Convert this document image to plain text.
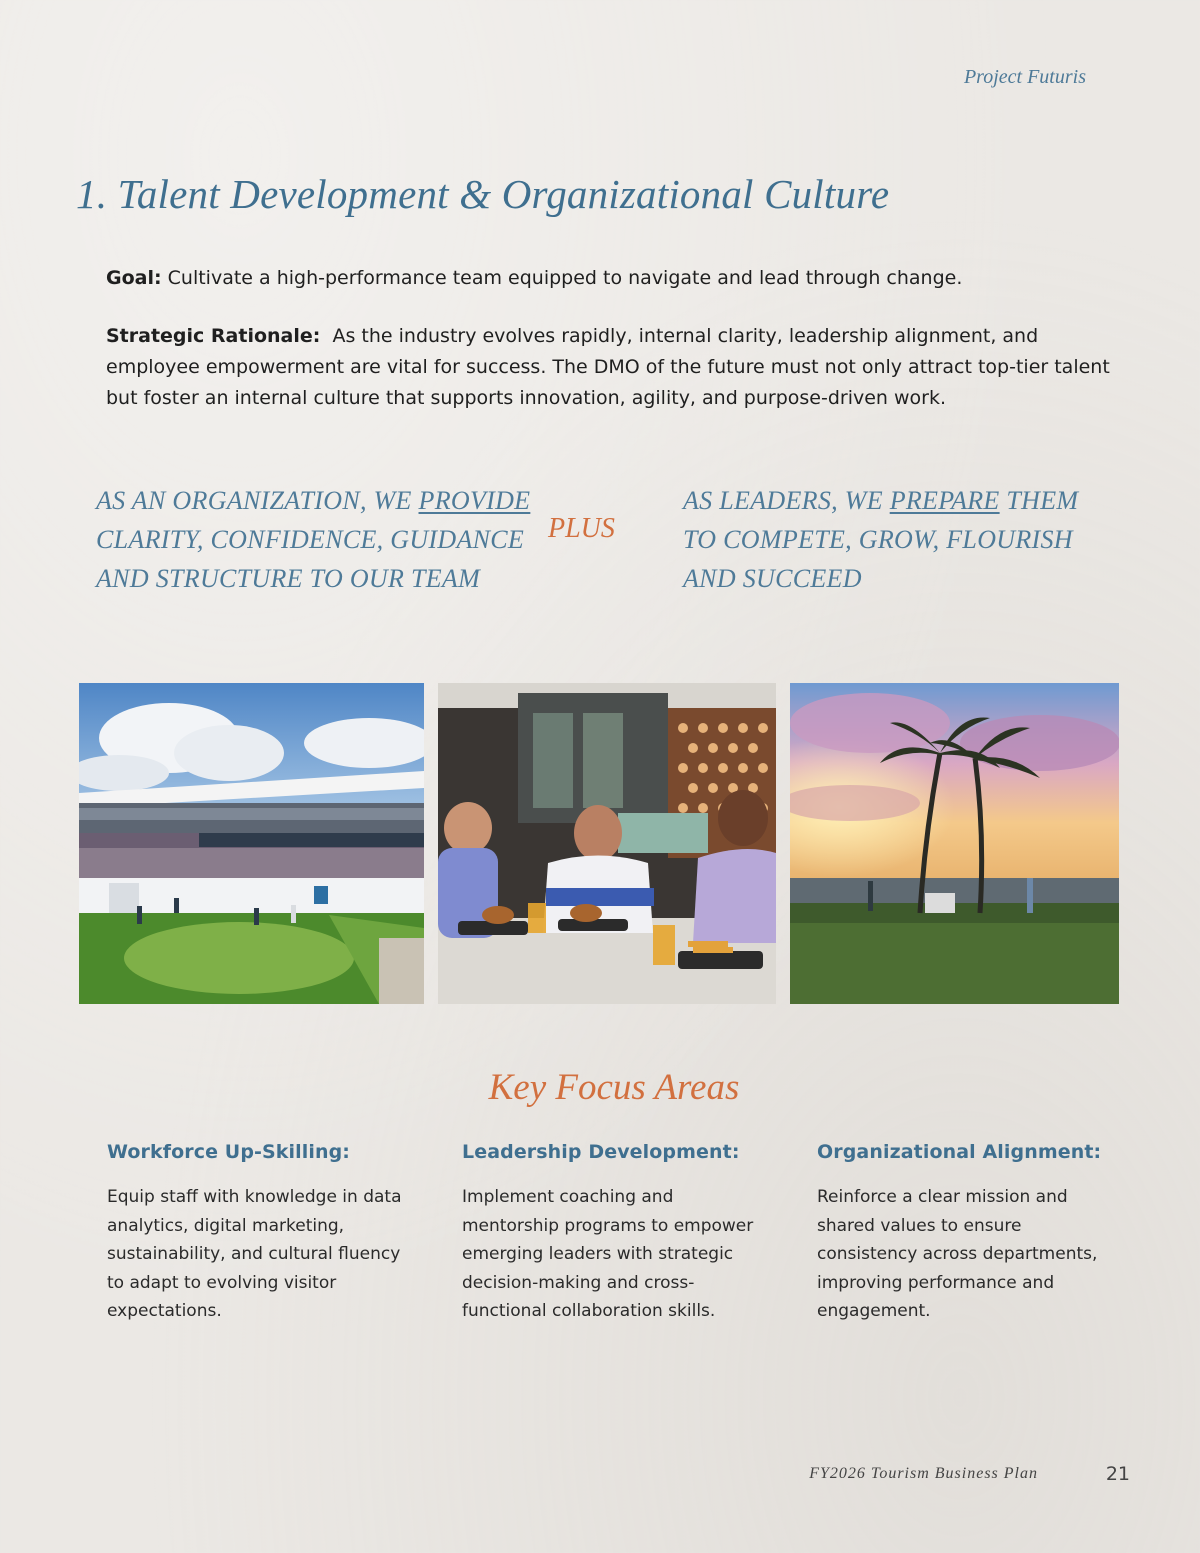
Project Futuris
1. Talent Development & Organizational Culture

Goal: Cultivate a high-performance team equipped to navigate and lead through change.

Strategic Rationale: As the industry evolves rapidly, internal clarity, leadership alignment, and employee empowerment are vital for success. The DMO of the future must not only attract top-tier talent but foster an internal culture that supports innovation, agility, and purpose-driven work.

AS AN ORGANIZATION, WE PROVIDE CLARITY, CONFIDENCE, GUIDANCE AND STRUCTURE TO OUR TEAM

PLUS

AS LEADERS, WE PREPARE THEM TO COMPETE, GROW, FLOURISH AND SUCCEED

Key Focus Areas
Workforce Up-Skilling:

Equip staff with knowledge in data analytics, digital marketing, sustainability, and cultural fluency to adapt to evolving visitor expectations.

Leadership Development:

Implement coaching and mentorship programs to empower emerging leaders with strategic decision-making and cross-functional collaboration skills.

Organizational Alignment:

Reinforce a clear mission and shared values to ensure consistency across departments, improving performance and engagement.

FY2026 Tourism Business Plan	21
